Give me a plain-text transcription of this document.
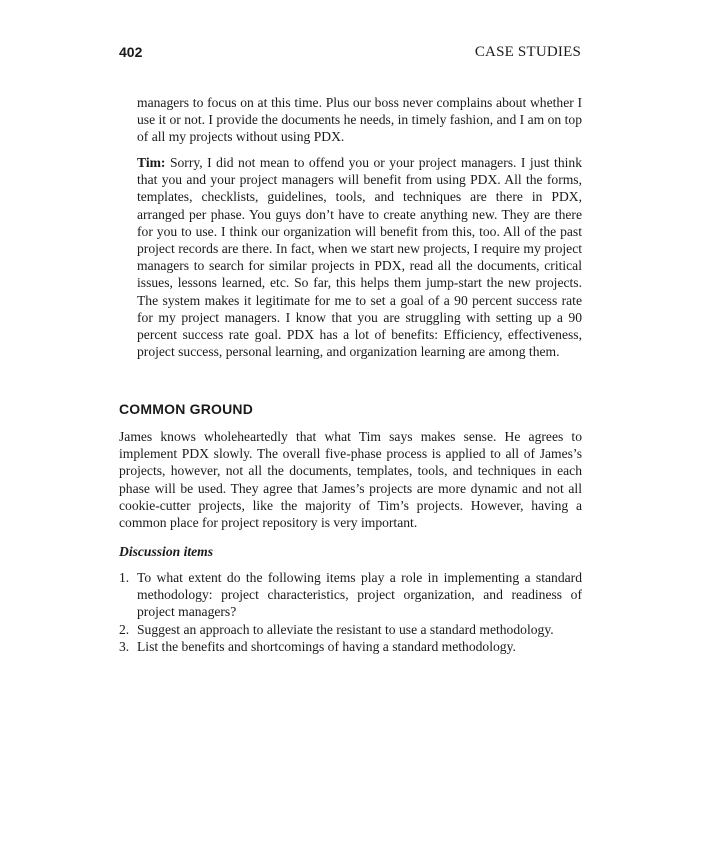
402	CASE STUDIES

managers to focus on at this time. Plus our boss never complains about whether I use it or not. I provide the documents he needs, in timely fashion, and I am on top of all my projects without using PDX.

Tim: Sorry, I did not mean to offend you or your project managers. I just think that you and your project managers will benefit from using PDX. All the forms, templates, checklists, guidelines, tools, and techniques are there in PDX, arranged per phase. You guys don’t have to create anything new. They are there for you to use. I think our organization will benefit from this, too. All of the past project records are there. In fact, when we start new projects, I require my project managers to search for similar projects in PDX, read all the documents, critical issues, lessons learned, etc. So far, this helps them jump-start the new projects. The system makes it legitimate for me to set a goal of a 90 percent success rate for my project managers. I know that you are struggling with setting up a 90 percent success rate goal. PDX has a lot of benefits: Efficiency, effectiveness, project success, personal learning, and organization learning are among them.

COMMON GROUND

James knows wholeheartedly that what Tim says makes sense. He agrees to implement PDX slowly. The overall five-phase process is applied to all of James’s projects, however, not all the documents, templates, tools, and techniques in each phase will be used. They agree that James’s projects are more dynamic and not all cookie-cutter projects, like the majority of Tim’s projects. However, having a common place for project repository is very important.

Discussion items
1. To what extent do the following items play a role in implementing a standard methodology: project characteristics, project organization, and readiness of project managers?
2. Suggest an approach to alleviate the resistant to use a standard methodology.
3. List the benefits and shortcomings of having a standard methodology.
